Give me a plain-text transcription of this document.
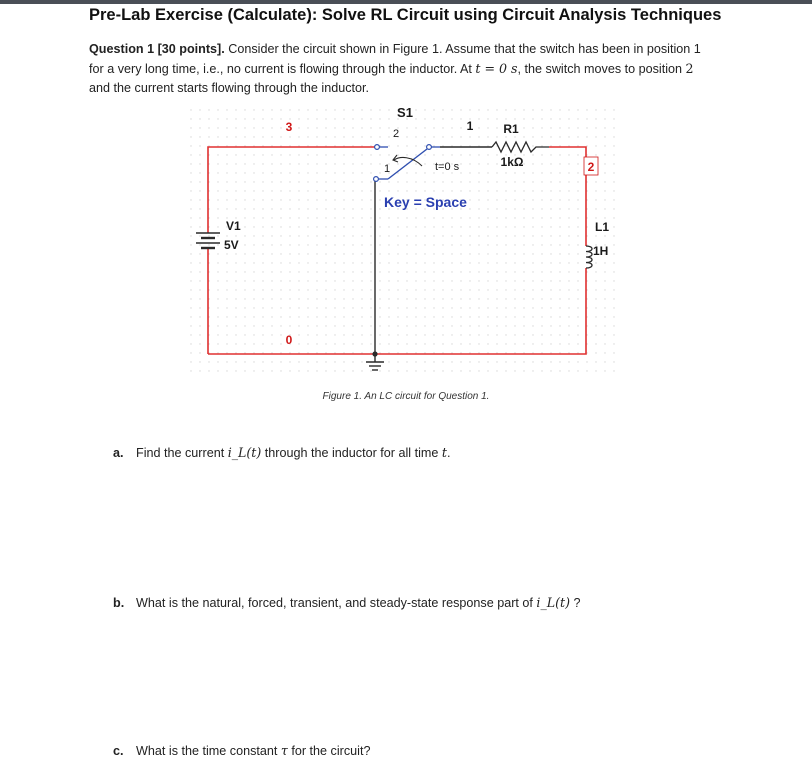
Pre-Lab Exercise (Calculate): Solve RL Circuit using Circuit Analysis Techniques
Question 1 [30 points]. Consider the circuit shown in Figure 1. Assume that the switch has been in position 1 for a very long time, i.e., no current is flowing through the inductor. At t = 0 s, the switch moves to position 2 and the current starts flowing through the inductor.
S1
2
1
1	t=0 s
Key = Space
R1
1kΩ
V1
5V
L1
1H
3
0
2
Figure 1. An LC circuit for Question 1.
a. Find the current i_L(t) through the inductor for all time t.
b. What is the natural, forced, transient, and steady-state response part of i_L(t) ?
c. What is the time constant τ for the circuit?
